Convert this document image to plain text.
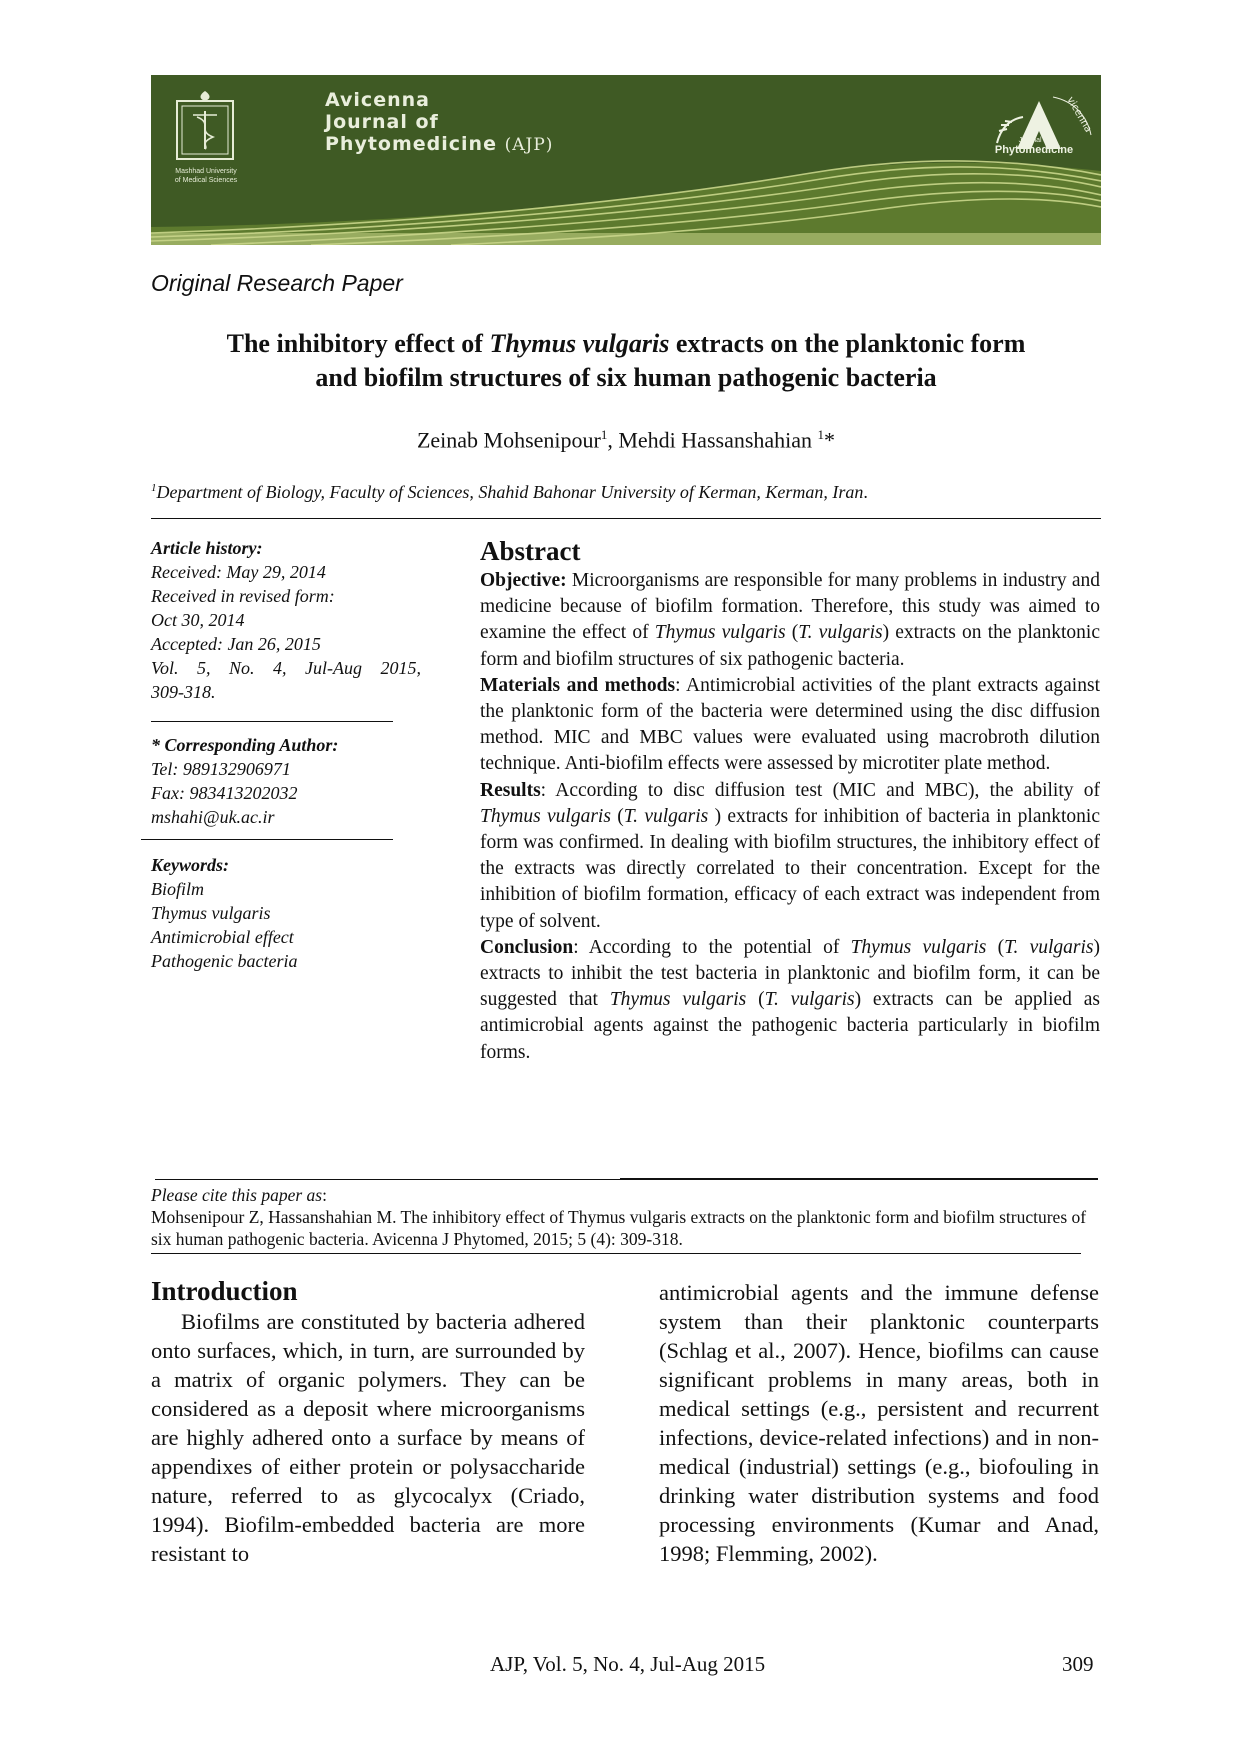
Mashhad University
of Medical Sciences
Avicenna
Journal of
Phytomedicine (AJP)
vicenna
Journal of
Phytomedicine
Original Research Paper
The inhibitory effect of Thymus vulgaris extracts on the planktonic form
and biofilm structures of six human pathogenic bacteria
Zeinab Mohsenipour$^1$, Mehdi Hassanshahian $^1$*
$^1$Department of Biology, Faculty of Sciences, Shahid Bahonar University of Kerman, Kerman, Iran.
Article history:
Received: May 29, 2014
Received in revised form:
Oct 30, 2014
Accepted: Jan 26, 2015
Vol. 5, No. 4, Jul-Aug 2015,
309-318.
* Corresponding Author:
Tel: 989132906971
Fax: 983413202032
mshahi@uk.ac.ir
Keywords:
Biofilm
Thymus vulgaris
Antimicrobial effect
Pathogenic bacteria
Abstract

Objective: Microorganisms are responsible for many problems in industry and medicine because of biofilm formation. Therefore, this study was aimed to examine the effect of Thymus vulgaris (T. vulgaris) extracts on the planktonic form and biofilm structures of six pathogenic bacteria.

Materials and methods: Antimicrobial activities of the plant extracts against the planktonic form of the bacteria were determined using the disc diffusion method. MIC and MBC values were evaluated using macrobroth dilution technique. Anti-biofilm effects were assessed by microtiter plate method.

Results: According to disc diffusion test (MIC and MBC), the ability of Thymus vulgaris (T. vulgaris ) extracts for inhibition of bacteria in planktonic form was confirmed. In dealing with biofilm structures, the inhibitory effect of the extracts was directly correlated to their concentration. Except for the inhibition of biofilm formation, efficacy of each extract was independent from type of solvent.

Conclusion: According to the potential of Thymus vulgaris (T. vulgaris) extracts to inhibit the test bacteria in planktonic and biofilm form, it can be suggested that Thymus vulgaris (T. vulgaris) extracts can be applied as antimicrobial agents against the pathogenic bacteria particularly in biofilm forms.

Please cite this paper as:
Mohsenipour Z, Hassanshahian M. The inhibitory effect of Thymus vulgaris extracts on the planktonic form and biofilm structures of six human pathogenic bacteria. Avicenna J Phytomed, 2015; 5 (4): 309-318.
Introduction
Biofilms are constituted by bacteria adhered onto surfaces, which, in turn, are surrounded by a matrix of organic polymers. They can be considered as a deposit where microorganisms are highly adhered onto a surface by means of appendixes of either protein or polysaccharide nature, referred to as glycocalyx (Criado, 1994). Biofilm-embedded bacteria are more resistant to
antimicrobial agents and the immune defense system than their planktonic counterparts (Schlag et al., 2007). Hence, biofilms can cause significant problems in many areas, both in medical settings (e.g., persistent and recurrent infections, device-related infections) and in non-medical (industrial) settings (e.g., biofouling in drinking water distribution systems and food processing environments (Kumar and Anad, 1998; Flemming, 2002).
AJP, Vol. 5, No. 4, Jul-Aug 2015	309
